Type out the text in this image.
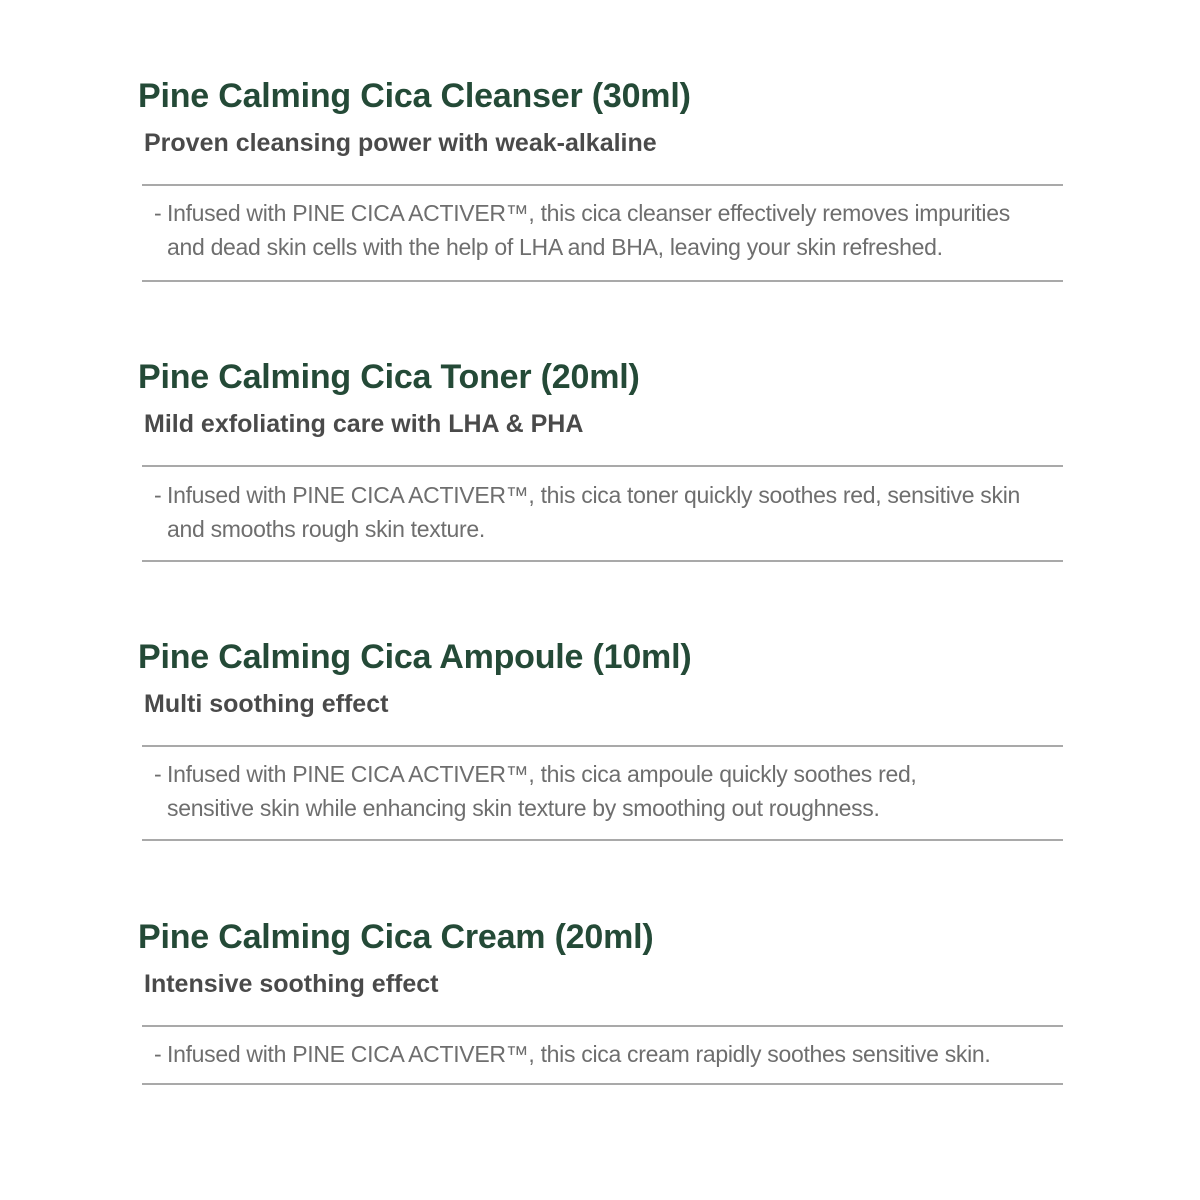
Pine Calming Cica Cleanser (30ml)
Proven cleansing power with weak-alkaline
- Infused with PINE CICA ACTIVER™, this cica cleanser effectively removes impurities
and dead skin cells with the help of LHA and BHA, leaving your skin refreshed.
Pine Calming Cica Toner (20ml)
Mild exfoliating care with LHA & PHA
- Infused with PINE CICA ACTIVER™, this cica toner quickly soothes red, sensitive skin
and smooths rough skin texture.
Pine Calming Cica Ampoule (10ml)
Multi soothing effect
- Infused with PINE CICA ACTIVER™, this cica ampoule quickly soothes red,
sensitive skin while enhancing skin texture by smoothing out roughness.
Pine Calming Cica Cream (20ml)
Intensive soothing effect
- Infused with PINE CICA ACTIVER™, this cica cream rapidly soothes sensitive skin.
